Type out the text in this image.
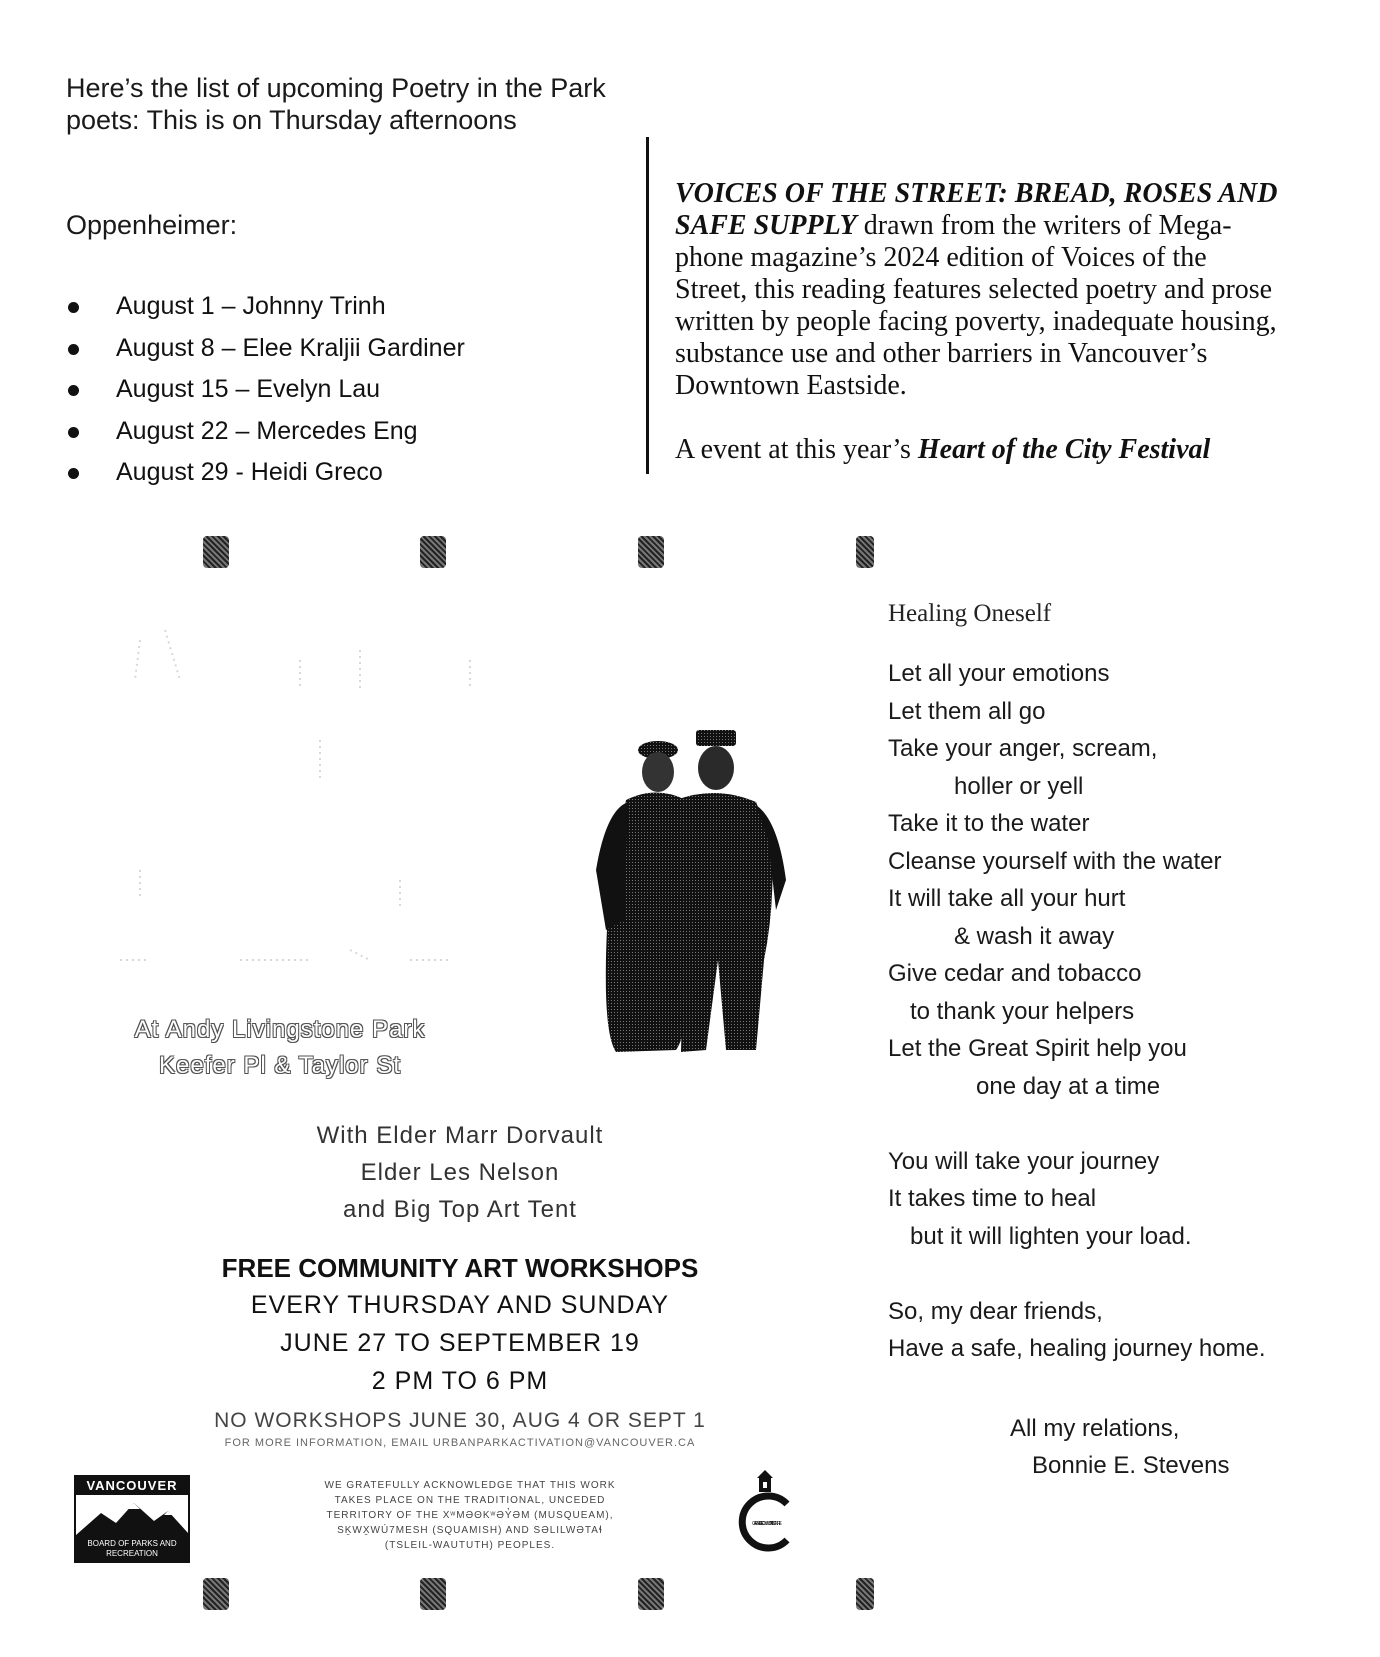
Here’s the list of upcoming Poetry in the Park
poets: This is on Thursday afternoons
Oppenheimer:
August 1 – Johnny Trinh
August 8 – Elee Kraljii Gardiner
August 15 – Evelyn Lau
August 22 – Mercedes Eng
August 29 - Heidi Greco
VOICES OF THE STREET: BREAD, ROSES AND
SAFE SUPPLY drawn from the writers of Mega-
phone magazine’s 2024 edition of Voices of the
Street, this reading features selected poetry and prose
written by people facing poverty, inadequate housing,
substance use and other barriers in Vancouver’s
Downtown Eastside.
A event at this year’s Heart of the City Festival
At Andy Livingstone Park
Keefer Pl & Taylor St
With Elder Marr Dorvault
Elder Les Nelson
and Big Top Art Tent
FREE COMMUNITY ART WORKSHOPS
EVERY THURSDAY AND SUNDAY
JUNE 27 TO SEPTEMBER 19
2 PM TO 6 PM
NO WORKSHOPS JUNE 30, AUG 4 OR SEPT 1
FOR MORE INFORMATION, EMAIL URBANPARKACTIVATION@VANCOUVER.CA
VANCOUVER
BOARD OF PARKS AND RECREATION
WE GRATEFULLY ACKNOWLEDGE THAT THIS WORK
TAKES PLACE ON THE TRADITIONAL, UNCEDED
TERRITORY OF THE XʷMƏΘKʷƏY̓ƏM (MUSQUEAM),
SḴWX̱WÚ7MESH (SQUAMISH) AND SƏLILWƏTAɬ
(TSLEIL-WAUTUTH) PEOPLES.
CARNEGIE COMMUNITY CENTRE
Healing Oneself
Let all your emotions
Let them all go
Take your anger, scream,
holler or yell
Take it to the water
Cleanse yourself with the water
It will take all your hurt
& wash it away
Give cedar and tobacco
to thank your helpers
Let the Great Spirit help you
one day at a time
You will take your journey
It takes time to heal
but it will lighten your load.
So, my dear friends,
Have a safe, healing journey home.
All my relations,
Bonnie E. Stevens
